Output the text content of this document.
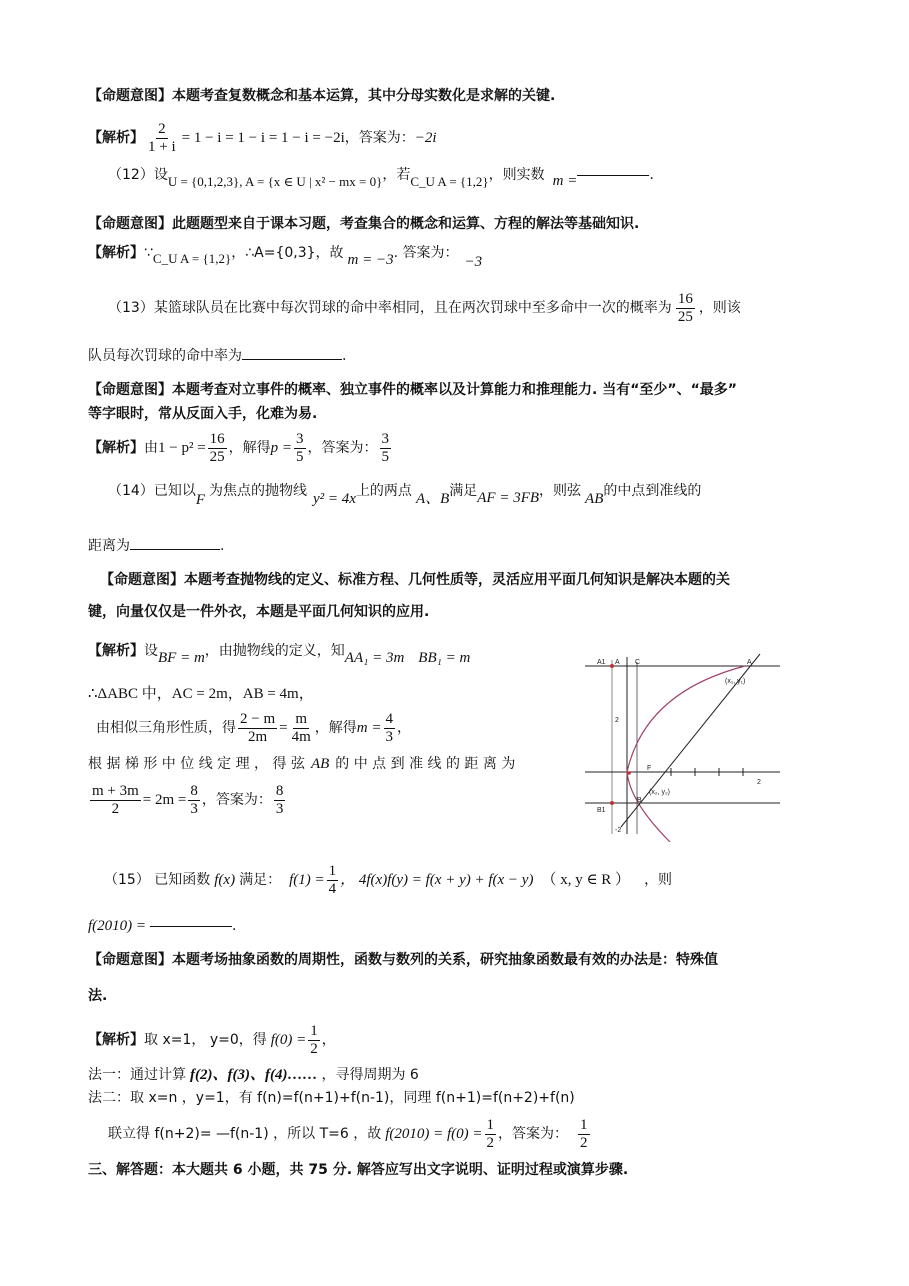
【命题意图】本题考查复数概念和基本运算，其中分母实数化是求解的关键.
【解析】 $\frac{2}{1 + i} = 1 - i = 1 - i = 1 - i = -2i$ ，答案为： −2i
（12）设 U = {0,1,2,3}, A = {x ∈ U | x² − mx = 0} ，若 C_U A = {1,2} ，则实数 m =	.
【命题意图】此题题型来自于课本习题，考查集合的概念和运算、方程的解法等基础知识.
【解析】 ∵ C_U A = {1,2} ，∴A={0,3}，故 m = −3 . 答案为：
−3
（13）某篮球队员在比赛中每次罚球的命中率相同，且在两次罚球中至多命中一次的概率为 $\frac{16}{25}$ ，则该
队员每次罚球的命中率为	.
【命题意图】本题考查对立事件的概率、独立事件的概率以及计算能力和推理能力. 当有“至少”、“最多”
等字眼时，常从反面入手，化难为易.
【解析】 由 $1 - p^2 = \frac{16}{25}$ ，解得 $p = \frac{3}{5}$ ，答案为： $\frac{3}{5}$
（14）已知以
F
为焦点的抛物线 y² = 4x 上的两点 A、B 满足 AF = 3FB ，则弦 AB 的中点到准线的
距离为	.
【命题意图】本题考查抛物线的定义、标准方程、几何性质等，灵活应用平面几何知识是解决本题的关
键，向量仅仅是一件外衣，本题是平面几何知识的应用.
【解析】 设 BF = m ，由抛物线的定义，知 AA₁ = 3m BB₁ = m
∴ΔABC 中，AC = 2m，AB = 4m，
由相似三角形性质，得 $\frac{2 - m}{2m} = \frac{m}{4m}$ ，解得 $m = \frac{4}{3}$ ，
根 据 梯 形 中 位 线 定 理 ， 得 弦 AB 的 中 点 到 准 线 的 距 离 为
$\frac{m + 3m}{2} = 2m = \frac{8}{3}$ ，答案为： $\frac{8}{3}$
A1 A C	A
(x₁, y₁)
2
F
2
(x₂, y₂)
B
B1
-2
（15） 已知函数 f(x) 满足： $f(1) = \frac{1}{4}$ ， 4f(x)f(y) = f(x + y) + f(x − y) （ x, y ∈ R ） ，则
f(2010) =	.
【命题意图】本题考场抽象函数的周期性，函数与数列的关系，研究抽象函数最有效的办法是：特殊值
法.
【解析】 取 x=1， y=0，得 $f(0) = \frac{1}{2}$ ，
法一：通过计算 f(2)、f(3)、f(4)…… ，寻得周期为 6
法二：取 x=n ，y=1，有 f(n)=f(n+1)+f(n-1)，同理 f(n+1)=f(n+2)+f(n)
联立得 f(n+2)= —f(n-1) ，所以 T=6 ，故 $f(2010) = f(0) = \frac{1}{2}$ ，答案为： $\frac{1}{2}$
三、解答题：本大题共 6 小题，共 75 分. 解答应写出文字说明、证明过程或演算步骤.
